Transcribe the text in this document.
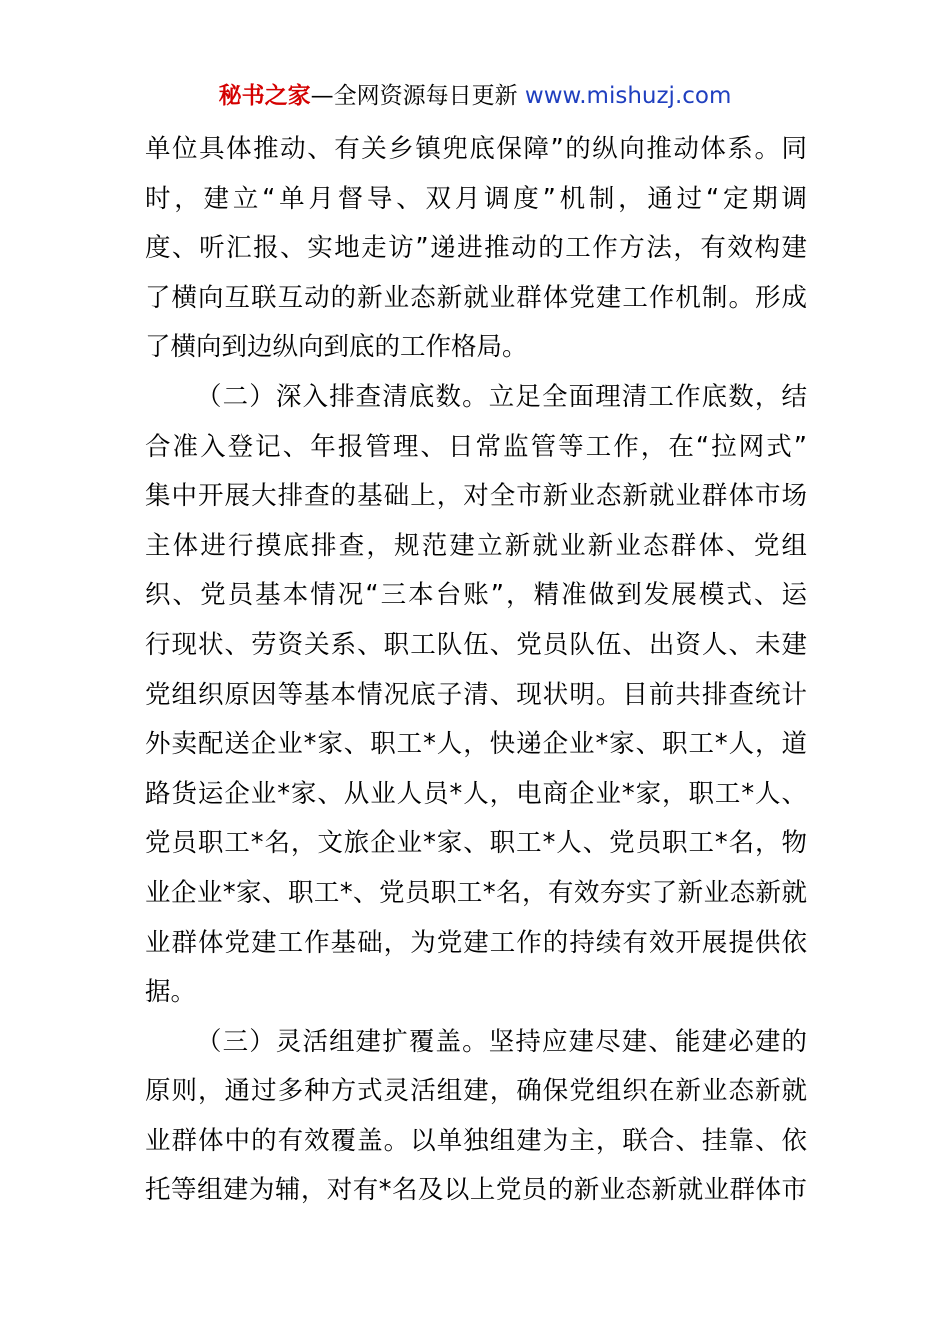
秘书之家—全网资源每日更新 www.mishuzj.com
单位具体推动、有关乡镇兜底保障”的纵向推动体系。同
时，建立“单月督导、双月调度”机制，通过“定期调
度、听汇报、实地走访”递进推动的工作方法，有效构建
了横向互联互动的新业态新就业群体党建工作机制。形成
了横向到边纵向到底的工作格局。
（二）深入排查清底数。立足全面理清工作底数，结
合准入登记、年报管理、日常监管等工作，在“拉网式”
集中开展大排查的基础上，对全市新业态新就业群体市场
主体进行摸底排查，规范建立新就业新业态群体、党组
织、党员基本情况“三本台账”，精准做到发展模式、运
行现状、劳资关系、职工队伍、党员队伍、出资人、未建
党组织原因等基本情况底子清、现状明。目前共排查统计
外卖配送企业*家、职工*人，快递企业*家、职工*人，道
路货运企业*家、从业人员*人，电商企业*家，职工*人、
党员职工*名，文旅企业*家、职工*人、党员职工*名，物
业企业*家、职工*、党员职工*名，有效夯实了新业态新就
业群体党建工作基础，为党建工作的持续有效开展提供依
据。
（三）灵活组建扩覆盖。坚持应建尽建、能建必建的
原则，通过多种方式灵活组建，确保党组织在新业态新就
业群体中的有效覆盖。以单独组建为主，联合、挂靠、依
托等组建为辅，对有*名及以上党员的新业态新就业群体市
